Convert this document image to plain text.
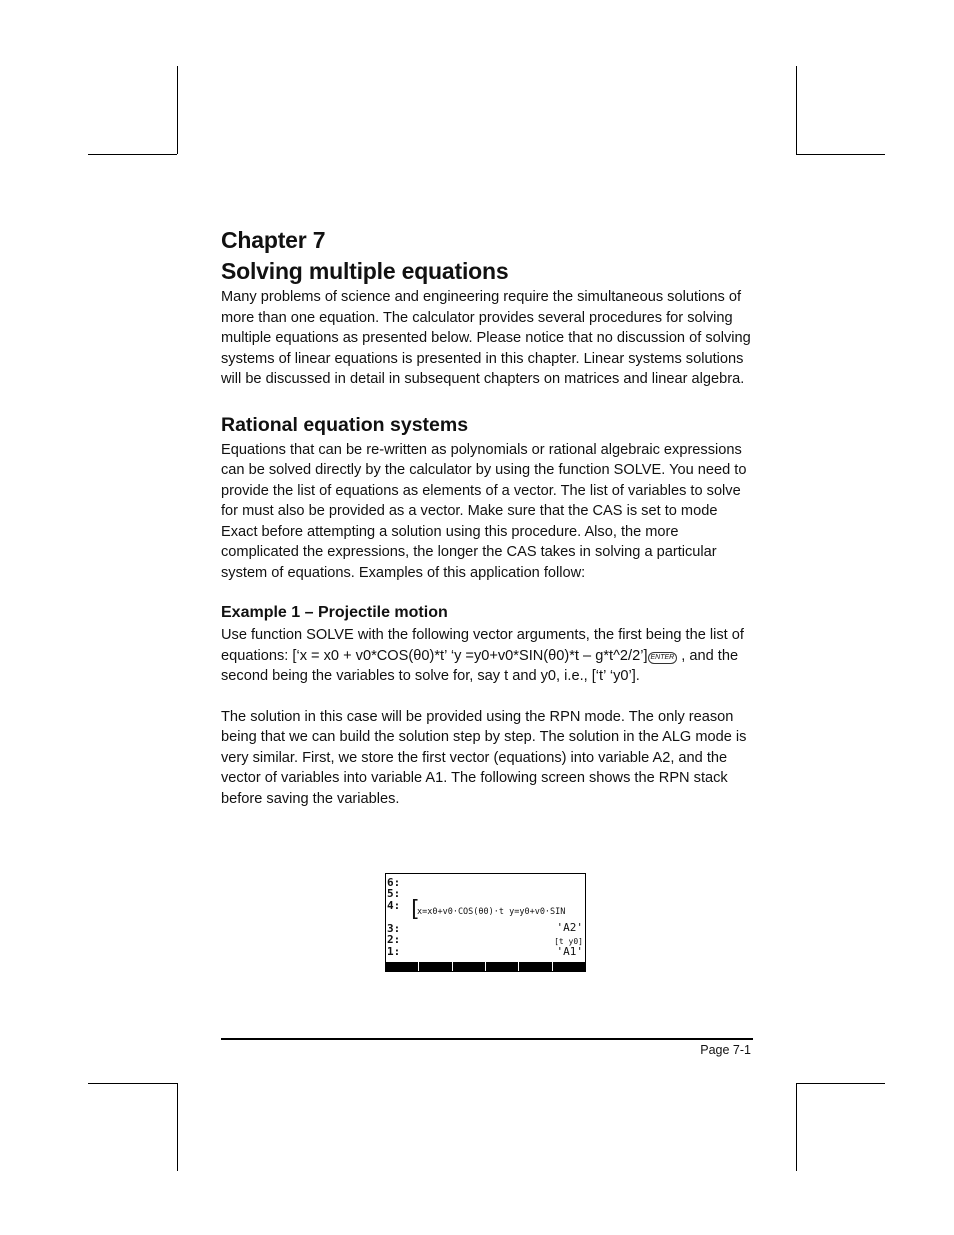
Chapter 7
Solving multiple equations

Many problems of science and engineering require the simultaneous solutions of more than one equation. The calculator provides several procedures for solving multiple equations as presented below. Please notice that no discussion of solving systems of linear equations is presented in this chapter. Linear systems solutions will be discussed in detail in subsequent chapters on matrices and linear algebra.

Rational equation systems

Equations that can be re-written as polynomials or rational algebraic expressions can be solved directly by the calculator by using the function SOLVE. You need to provide the list of equations as elements of a vector. The list of variables to solve for must also be provided as a vector. Make sure that the CAS is set to mode Exact before attempting a solution using this procedure. Also, the more complicated the expressions, the longer the CAS takes in solving a particular system of equations. Examples of this application follow:

Example 1 – Projectile motion

Use function SOLVE with the following vector arguments, the first being the list of equations: [‘x = x0 + v0*COS(θ0)*t’ ‘y =y0+v0*SIN(θ0)*t – g*t^2/2’] ENTER , and the second being the variables to solve for, say t and y0, i.e., [‘t’ ‘y0’].

The solution in this case will be provided using the RPN mode. The only reason being that we can build the solution step by step. The solution in the ALG mode is very similar. First, we store the first vector (equations) into variable A2, and the vector of variables into variable A1. The following screen shows the RPN stack before saving the variables.

6:
5:
4: [
x=x0+v0·COS(θ0)·t y=y0+v0·SIN
3:	'A2'
2:	[t y0]
1:	'A1'
Page 7-1
